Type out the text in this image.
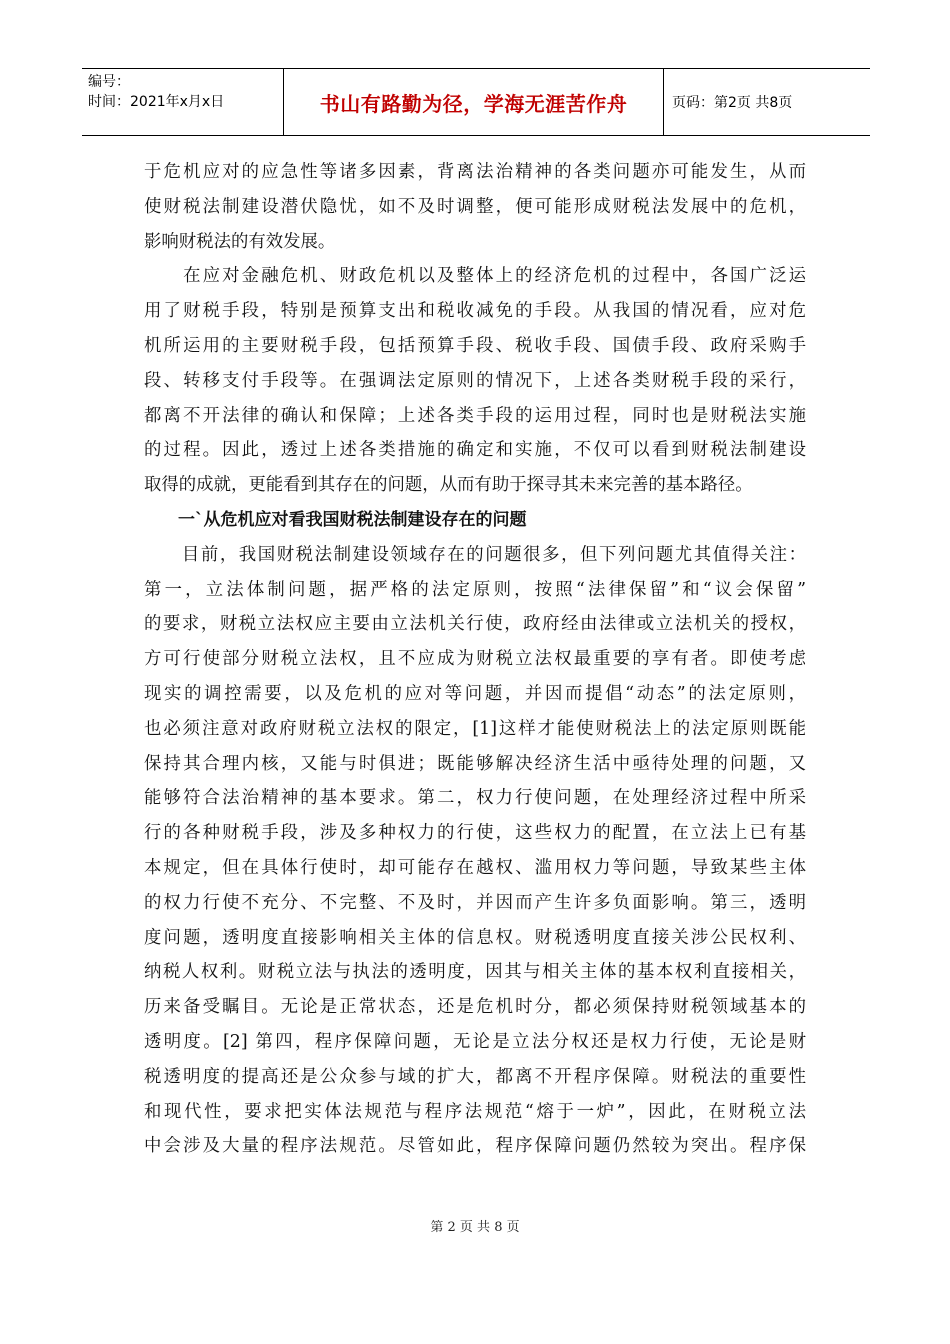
编号：
时间：2021年x月x日	书山有路勤为径，学海无涯苦作舟	页码：第2页 共8页
于危机应对的应急性等诸多因素，背离法治精神的各类问题亦可能发生，从而
使财税法制建设潜伏隐忧，如不及时调整，便可能形成财税法发展中的危机，
影响财税法的有效发展。
　　在应对金融危机、财政危机以及整体上的经济危机的过程中，各国广泛运
用了财税手段，特别是预算支出和税收减免的手段。从我国的情况看，应对危
机所运用的主要财税手段，包括预算手段、税收手段、国债手段、政府采购手
段、转移支付手段等。在强调法定原则的情况下，上述各类财税手段的采行，
都离不开法律的确认和保障；上述各类手段的运用过程，同时也是财税法实施
的过程。因此，透过上述各类措施的确定和实施，不仅可以看到财税法制建设
取得的成就，更能看到其存在的问题，从而有助于探寻其未来完善的基本路径。
　　一`从危机应对看我国财税法制建设存在的问题
　　目前，我国财税法制建设领域存在的问题很多，但下列问题尤其值得关注：
第一，立法体制问题，据严格的法定原则，按照“法律保留”和“议会保留”
的要求，财税立法权应主要由立法机关行使，政府经由法律或立法机关的授权，
方可行使部分财税立法权，且不应成为财税立法权最重要的享有者。即使考虑
现实的调控需要，以及危机的应对等问题，并因而提倡“动态”的法定原则，
也必须注意对政府财税立法权的限定，[1]这样才能使财税法上的法定原则既能
保持其合理内核，又能与时俱进；既能够解决经济生活中亟待处理的问题，又
能够符合法治精神的基本要求。第二，权力行使问题，在处理经济过程中所采
行的各种财税手段，涉及多种权力的行使，这些权力的配置，在立法上已有基
本规定，但在具体行使时，却可能存在越权、滥用权力等问题，导致某些主体
的权力行使不充分、不完整、不及时，并因而产生许多负面影响。第三，透明
度问题，透明度直接影响相关主体的信息权。财税透明度直接关涉公民权利、
纳税人权利。财税立法与执法的透明度，因其与相关主体的基本权利直接相关，
历来备受瞩目。无论是正常状态，还是危机时分，都必须保持财税领域基本的
透明度。[2] 第四，程序保障问题，无论是立法分权还是权力行使，无论是财
税透明度的提高还是公众参与域的扩大，都离不开程序保障。财税法的重要性
和现代性，要求把实体法规范与程序法规范“熔于一炉”，因此，在财税立法
中会涉及大量的程序法规范。尽管如此，程序保障问题仍然较为突出。程序保
第 2 页 共 8 页
